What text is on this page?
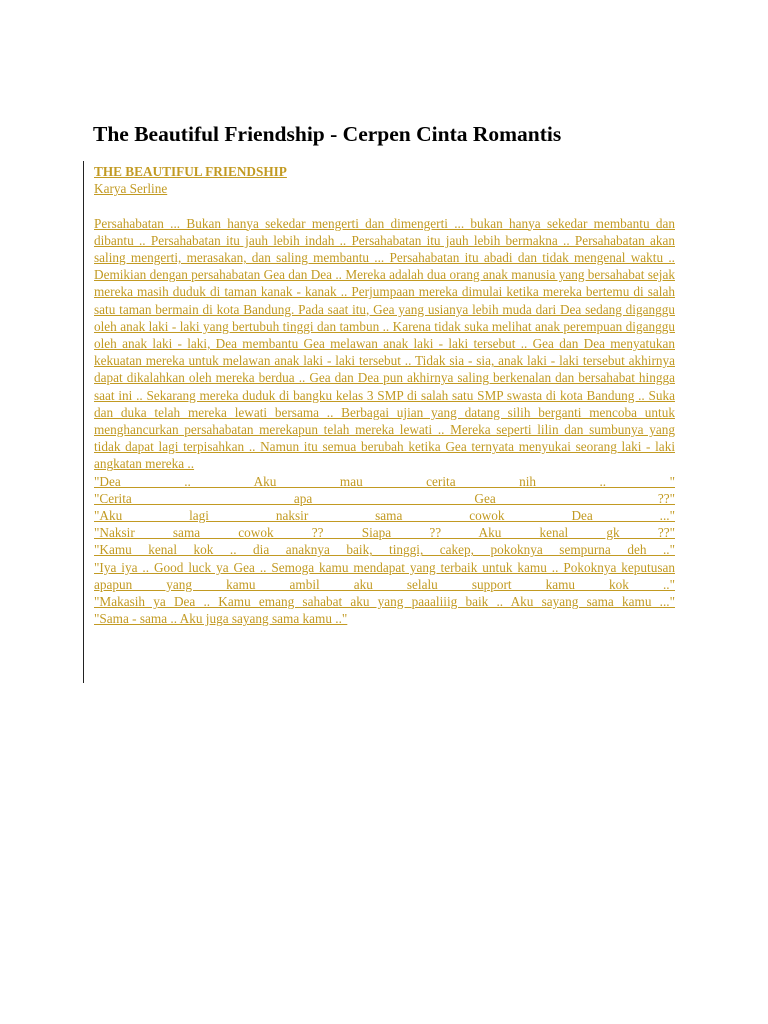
The Beautiful Friendship - Cerpen Cinta Romantis
THE BEAUTIFUL FRIENDSHIP
Karya Serline

Persahabatan ... Bukan hanya sekedar mengerti dan dimengerti ... bukan hanya sekedar membantu dan dibantu .. Persahabatan itu jauh lebih indah .. Persahabatan itu jauh lebih bermakna .. Persahabatan akan saling mengerti, merasakan, dan saling membantu ... Persahabatan itu abadi dan tidak mengenal waktu .. Demikian dengan persahabatan Gea dan Dea .. Mereka adalah dua orang anak manusia yang bersahabat sejak mereka masih duduk di taman kanak - kanak .. Perjumpaan mereka dimulai ketika mereka bertemu di salah satu taman bermain di kota Bandung. Pada saat itu, Gea yang usianya lebih muda dari Dea sedang diganggu oleh anak laki - laki yang bertubuh tinggi dan tambun .. Karena tidak suka melihat anak perempuan diganggu oleh anak laki - laki, Dea membantu Gea melawan anak laki - laki tersebut .. Gea dan Dea menyatukan kekuatan mereka untuk melawan anak laki - laki tersebut .. Tidak sia - sia, anak laki - laki tersebut akhirnya dapat dikalahkan oleh mereka berdua .. Gea dan Dea pun akhirnya saling berkenalan dan bersahabat hingga saat ini .. Sekarang mereka duduk di bangku kelas 3 SMP di salah satu SMP swasta di kota Bandung .. Suka dan duka telah mereka lewati bersama .. Berbagai ujian yang datang silih berganti mencoba untuk menghancurkan persahabatan merekapun telah mereka lewati .. Mereka seperti lilin dan sumbunya yang tidak dapat lagi terpisahkan .. Namun itu semua berubah ketika Gea ternyata menyukai seorang laki - laki angkatan mereka ..

"Dea .. Aku mau cerita nih .. "
"Cerita apa Gea ??"
"Aku lagi naksir sama cowok Dea ..."
"Naksir sama cowok ?? Siapa ?? Aku kenal gk ??"
"Kamu kenal kok .. dia anaknya baik, tinggi, cakep, pokoknya sempurna deh .."
"Iya iya .. Good luck ya Gea .. Semoga kamu mendapat yang terbaik untuk kamu .. Pokoknya keputusan apapun yang kamu ambil aku selalu support kamu kok .."
"Makasih ya Dea .. Kamu emang sahabat aku yang paaaliiig baik .. Aku sayang sama kamu ..."
"Sama - sama .. Aku juga sayang sama kamu .."
